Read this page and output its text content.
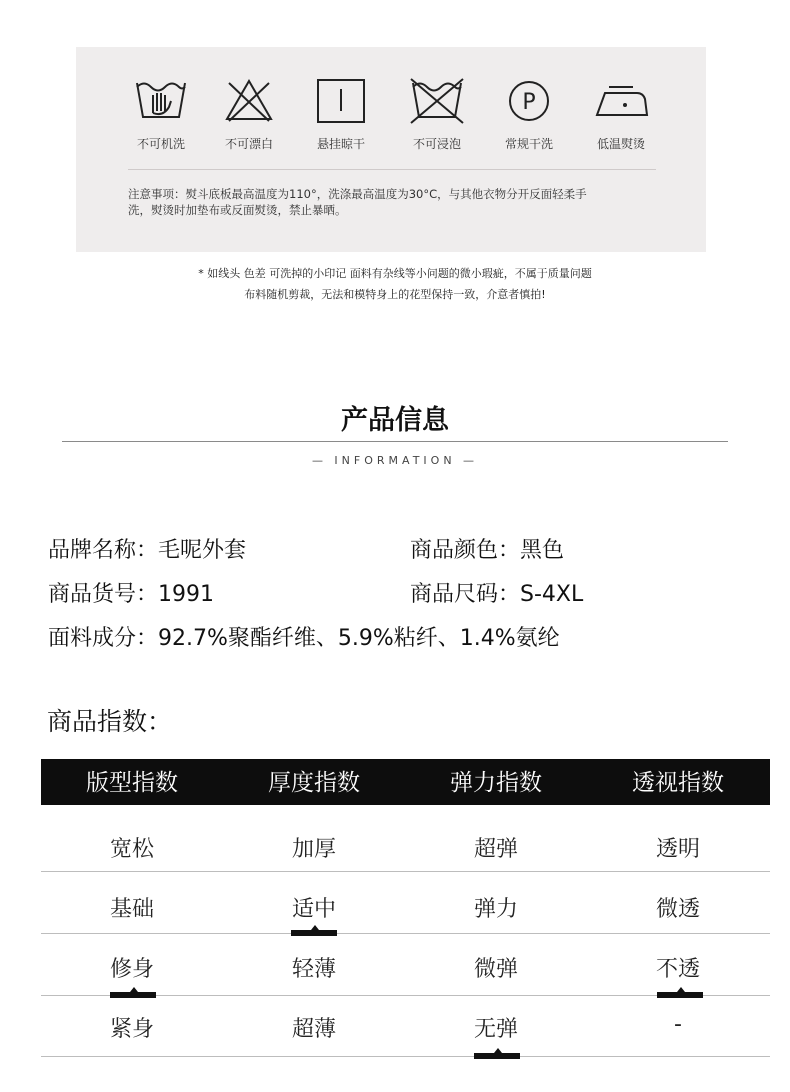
不可机洗	不可漂白	悬挂晾干	不可浸泡
P
常规干洗	低温熨烫
注意事项：熨斗底板最高温度为110°，洗涤最高温度为30°C，与其他衣物分开反面轻柔手
洗，熨烫时加垫布或反面熨烫，禁止暴晒。
* 如线头 色差 可洗掉的小印记 面料有杂线等小问题的微小瑕疵，不属于质量问题
布料随机剪裁，无法和模特身上的花型保持一致，介意者慎拍!
产品信息
— INFORMATION —
品牌名称：毛呢外套	商品颜色：黑色
商品货号：1991	商品尺码：S-4XL
面料成分：92.7%聚酯纤维、5.9%粘纤、1.4%氨纶
商品指数：
版型指数	厚度指数	弹力指数	透视指数
宽松	加厚	超弹	透明
基础	适中	弹力	微透
修身	轻薄	微弹	不透
紧身	超薄	无弹	-
